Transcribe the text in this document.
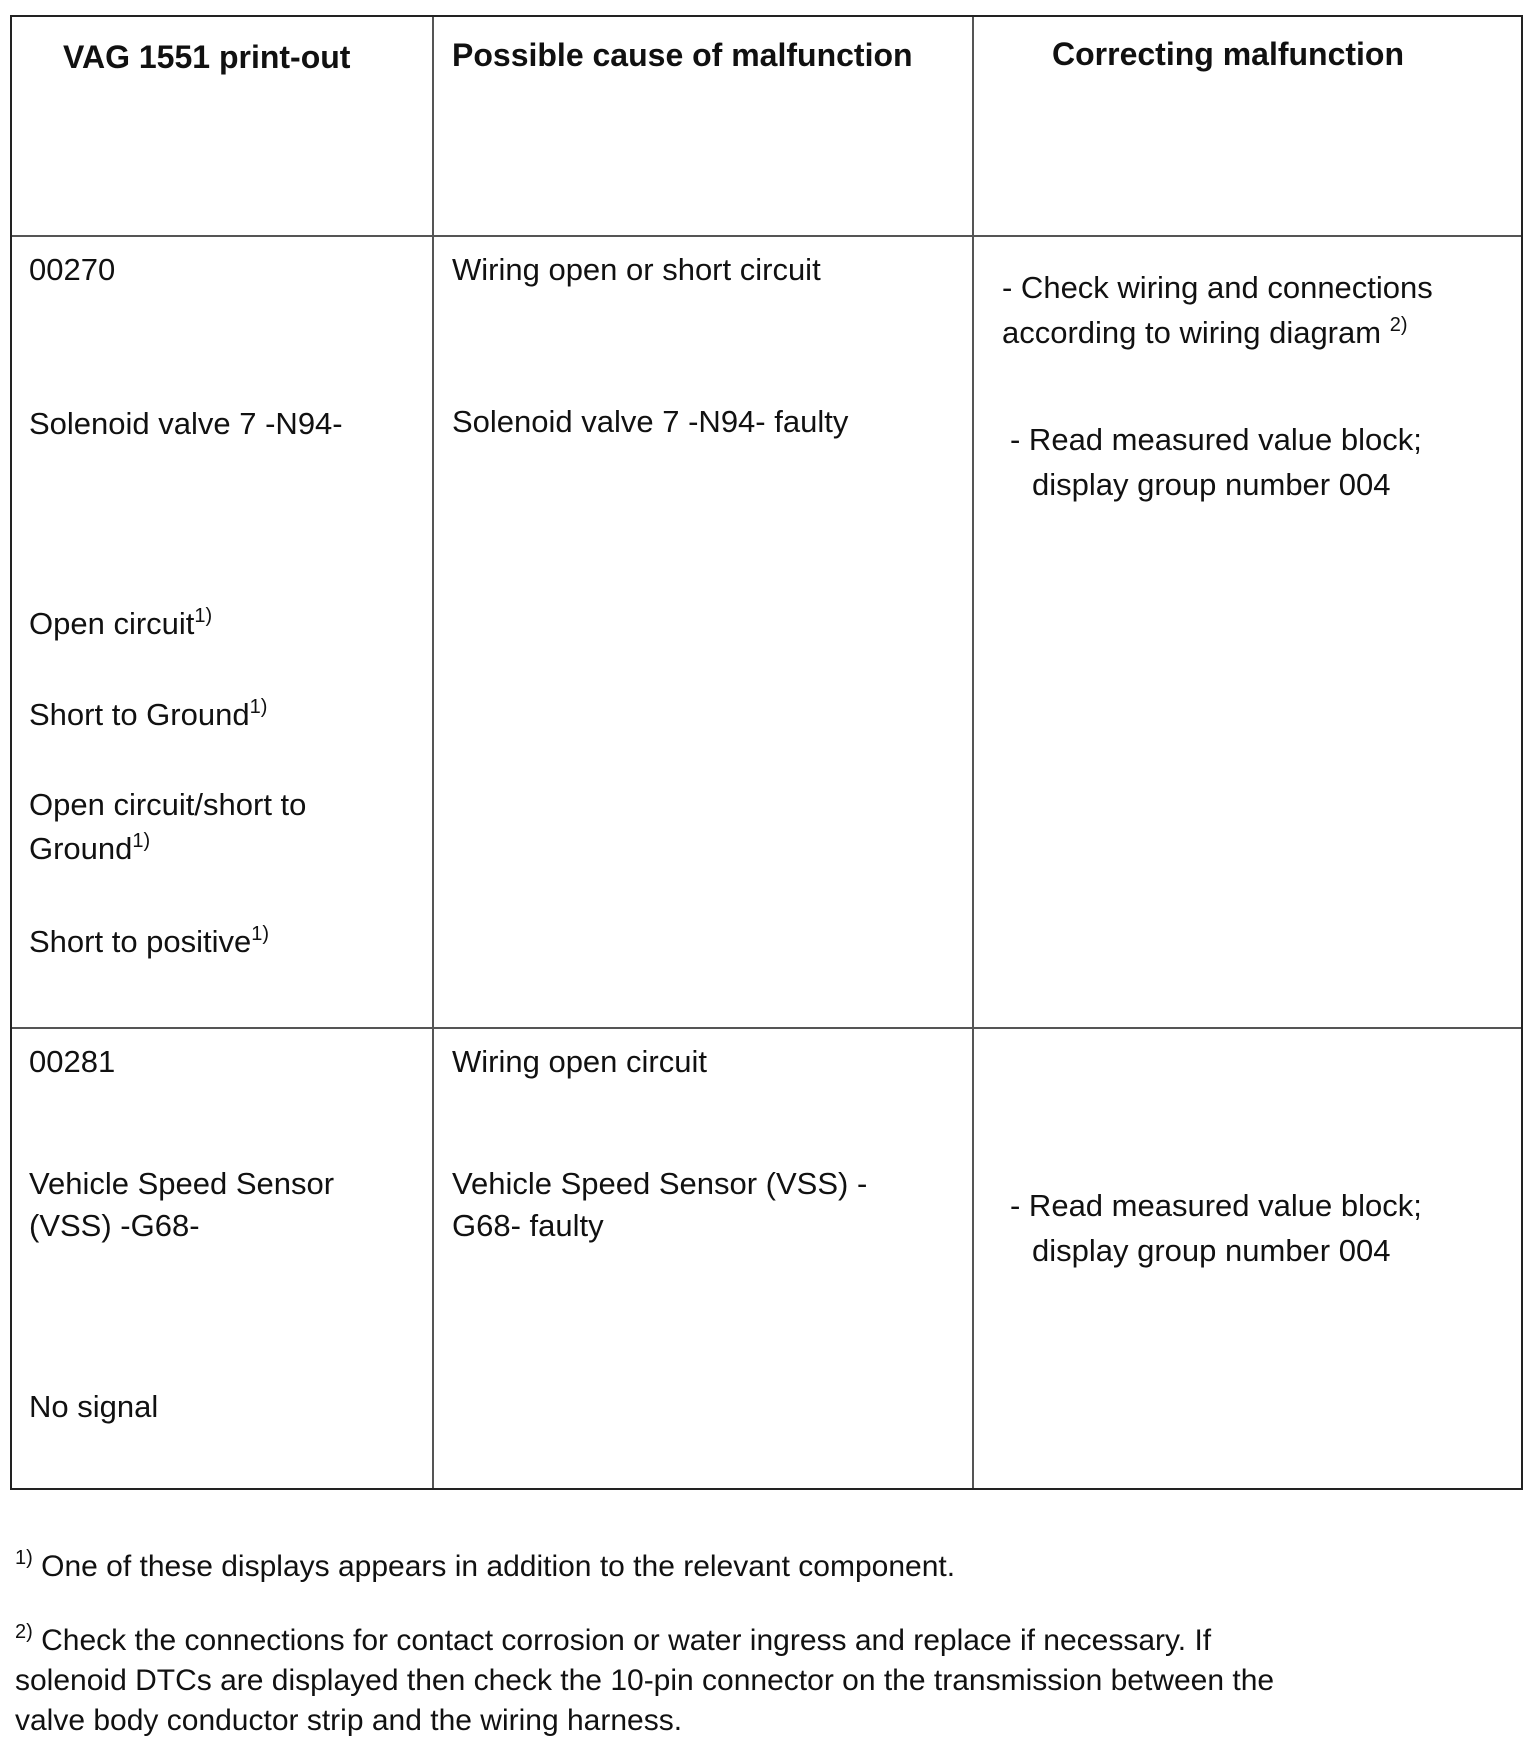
VAG 1551 print-out	Possible cause of malfunction	Correcting malfunction
00270
Solenoid valve 7 -N94-
Open circuit$^{1)}$
Short to Ground$^{1)}$
Open circuit/short to
Ground$^{1)}$
Short to positive$^{1)}$
Wiring open or short circuit
Solenoid valve 7 -N94- faulty
- Check wiring and connections
according to wiring diagram $^{2)}$
- Read measured value block;
display group number 004
00281
Vehicle Speed Sensor
(VSS) -G68-
No signal
Wiring open circuit
Vehicle Speed Sensor (VSS) -
G68- faulty
- Read measured value block;
display group number 004
$^{1)}$ One of these displays appears in addition to the relevant component.
$^{2)}$ Check the connections for contact corrosion or water ingress and replace if necessary. If
solenoid DTCs are displayed then check the 10-pin connector on the transmission between the
valve body conductor strip and the wiring harness.
